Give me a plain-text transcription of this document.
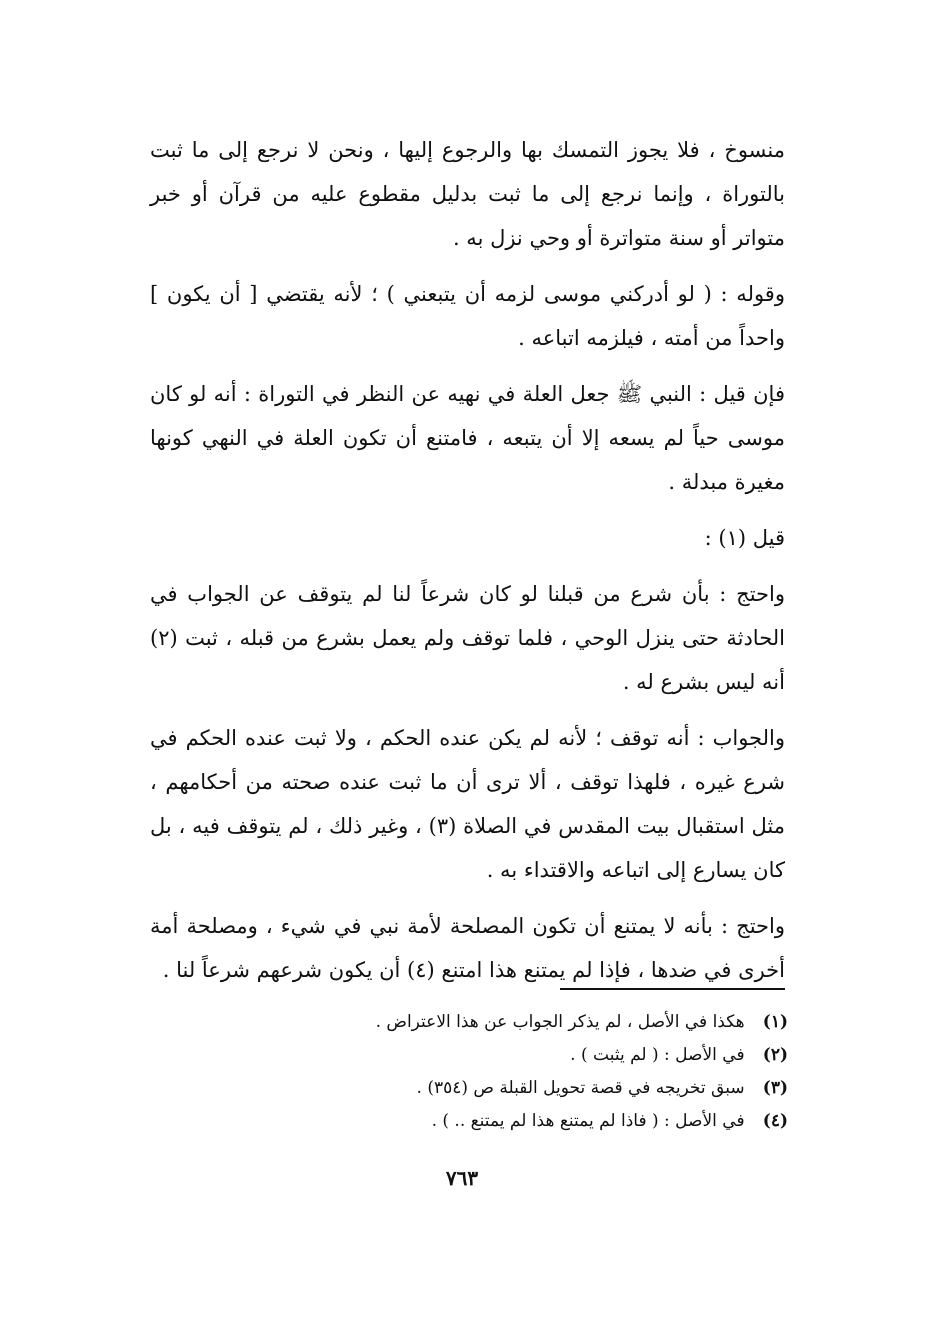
منسوخ ، فلا يجوز التمسك بها والرجوع إليها ، ونحن لا نرجع إلى ما ثبت بالتوراة ، وإنما نرجع إلى ما ثبت بدليل مقطوع عليه من قرآن أو خبر متواتر أو سنة متواترة أو وحي نزل به .

وقوله : ( لو أدركني موسى لزمه أن يتبعني ) ؛ لأنه يقتضي [ أن يكون ] واحداً من أمته ، فيلزمه اتباعه .

فإن قيل : النبي ﷺ جعل العلة في نهيه عن النظر في التوراة : أنه لو كان موسى حياً لم يسعه إلا أن يتبعه ، فامتنع أن تكون العلة في النهي كونها مغيرة مبدلة .

قيل (١) :

واحتج : بأن شرع من قبلنا لو كان شرعاً لنا لم يتوقف عن الجواب في الحادثة حتى ينزل الوحي ، فلما توقف ولم يعمل بشرع من قبله ، ثبت (٢) أنه ليس بشرع له .

والجواب : أنه توقف ؛ لأنه لم يكن عنده الحكم ، ولا ثبت عنده الحكم في شرع غيره ، فلهذا توقف ، ألا ترى أن ما ثبت عنده صحته من أحكامهم ، مثل استقبال بيت المقدس في الصلاة (٣) ، وغير ذلك ، لم يتوقف فيه ، بل كان يسارع إلى اتباعه والاقتداء به .

واحتج : بأنه لا يمتنع أن تكون المصلحة لأمة نبي في شيء ، ومصلحة أمة أخرى في ضدها ، فإذا لم يمتنع هذا امتنع (٤) أن يكون شرعهم شرعاً لنا .

(١) هكذا في الأصل ، لم يذكر الجواب عن هذا الاعتراض .
(٢) في الأصل : ( لم يثبت ) .
(٣) سبق تخريجه في قصة تحويل القبلة ص (٣٥٤) .
(٤) في الأصل : ( فاذا لم يمتنع هذا لم يمتنع .. ) .
٧٦٣
